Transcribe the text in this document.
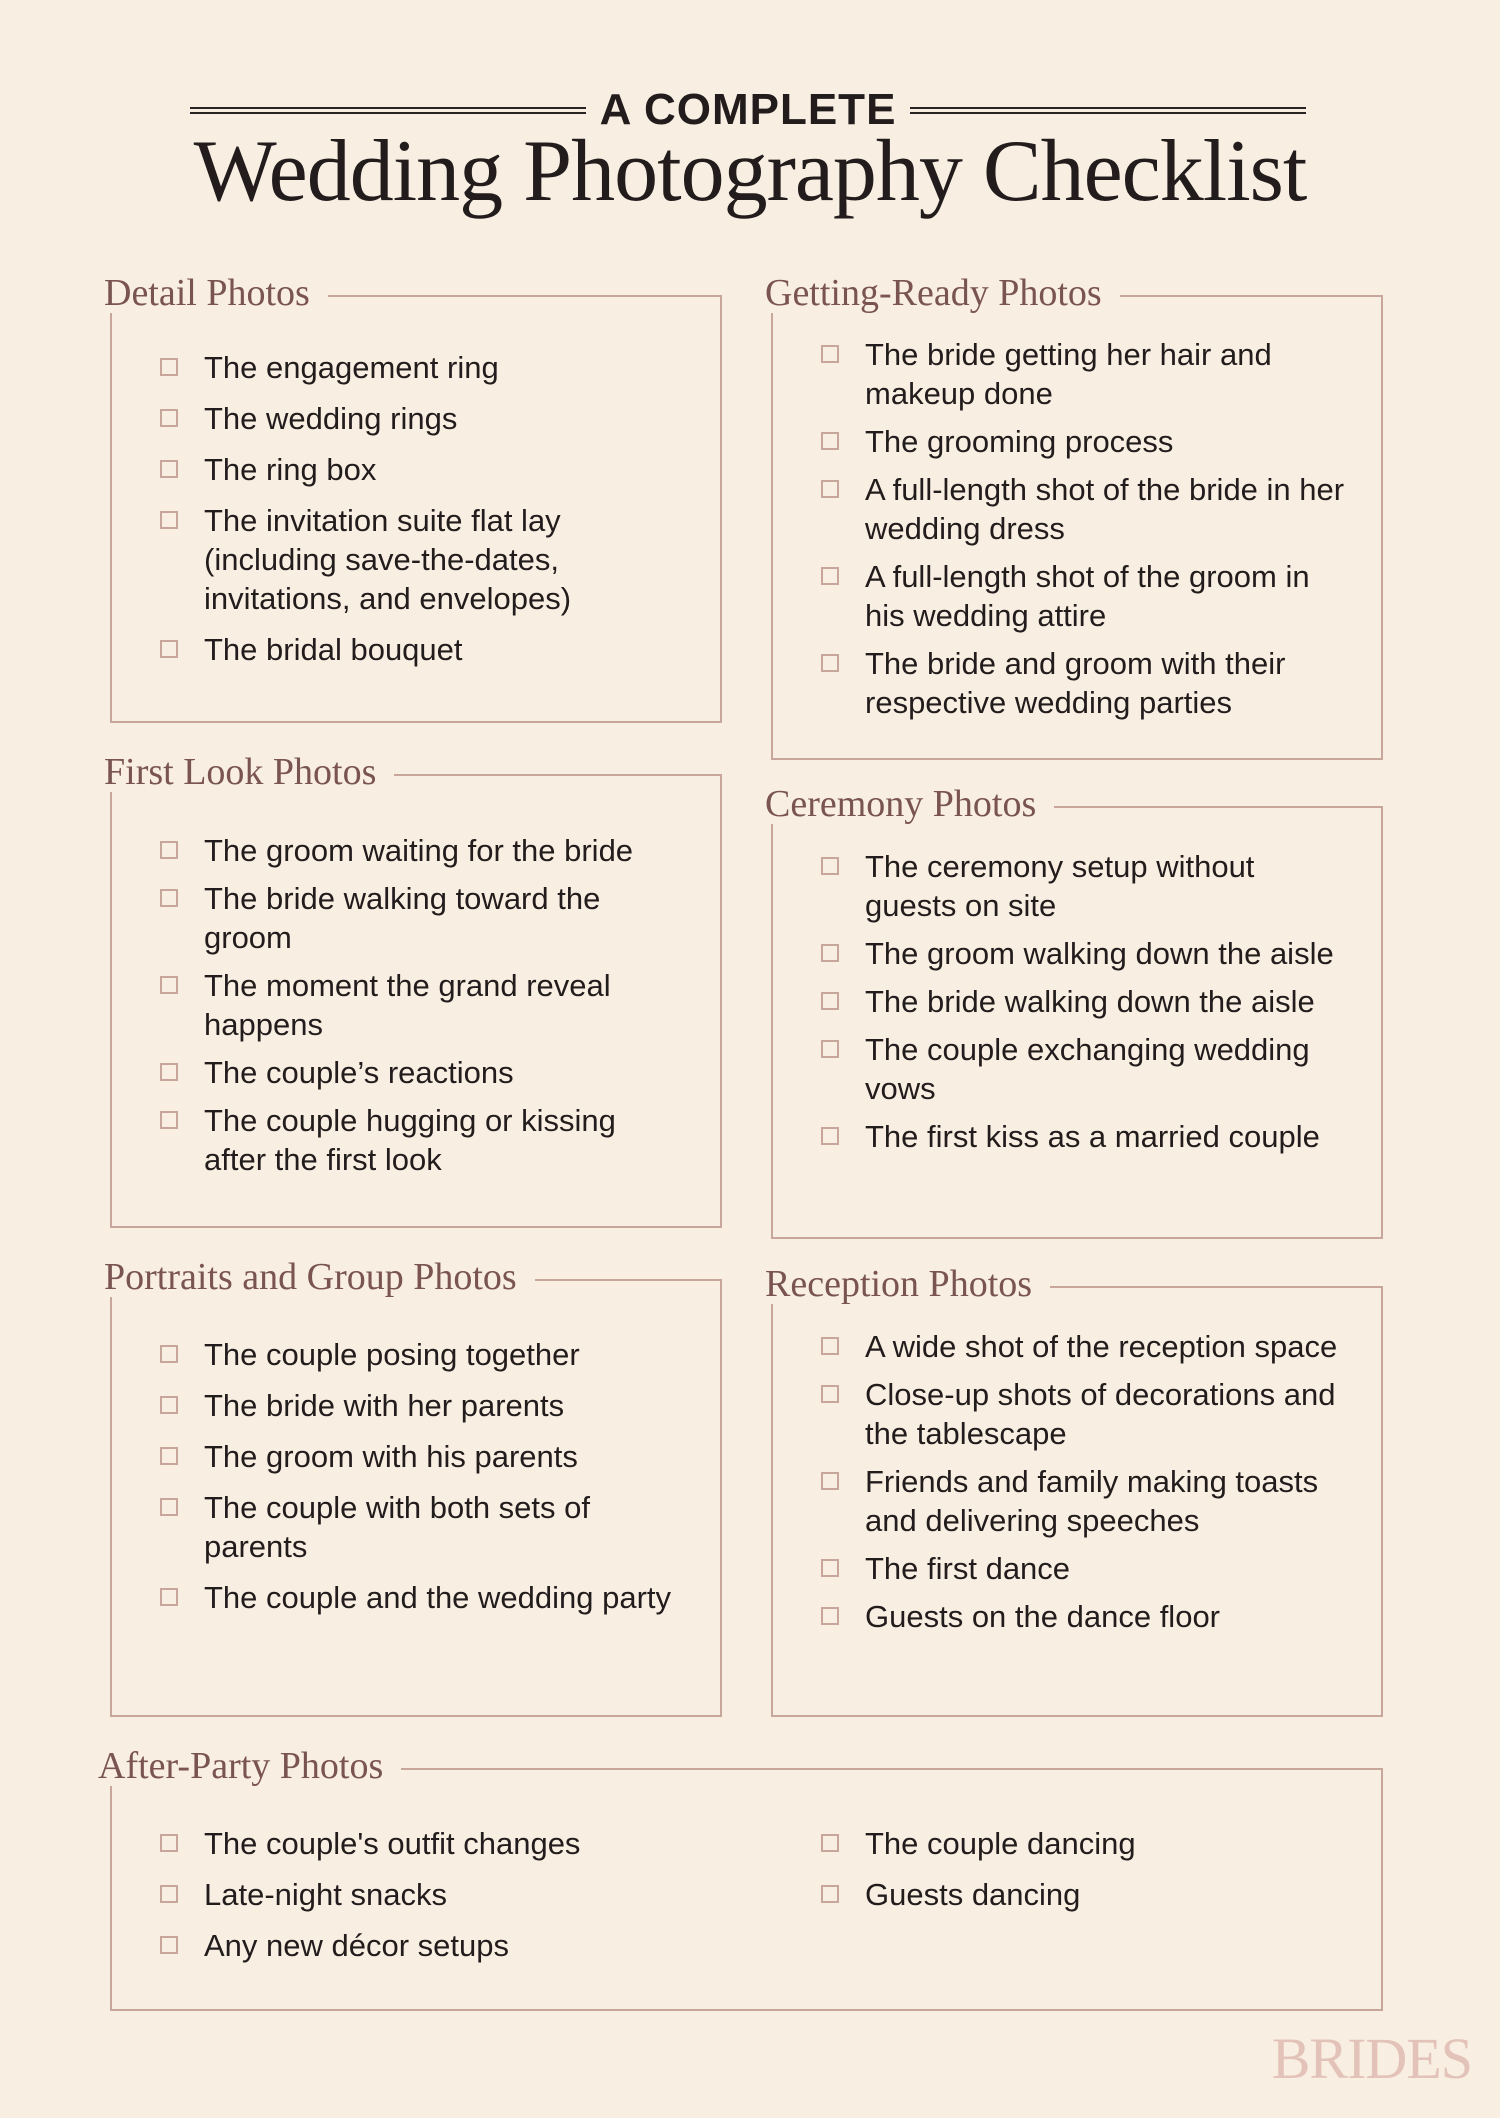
A COMPLETE
Wedding Photography Checklist
Detail Photos
The engagement ring
The wedding rings
The ring box
The invitation suite flat lay (including save-the-dates, invitations, and envelopes)
The bridal bouquet
Getting-Ready Photos
The bride getting her hair and makeup done
The grooming process
A full-length shot of the bride in her wedding dress
A full-length shot of the groom in his wedding attire
The bride and groom with their respective wedding parties
First Look Photos
The groom waiting for the bride
The bride walking toward the groom
The moment the grand reveal happens
The couple’s reactions
The couple hugging or kissing after the first look
Ceremony Photos
The ceremony setup without guests on site
The groom walking down the aisle
The bride walking down the aisle
The couple exchanging wedding vows
The first kiss as a married couple
Portraits and Group Photos
The couple posing together
The bride with her parents
The groom with his parents
The couple with both sets of parents
The couple and the wedding party
Reception Photos
A wide shot of the reception space
Close-up shots of decorations and the tablescape
Friends and family making toasts and delivering speeches
The first dance
Guests on the dance floor
After-Party Photos
The couple's outfit changes
Late-night snacks
Any new décor setups
The couple dancing
Guests dancing
BRIDES
